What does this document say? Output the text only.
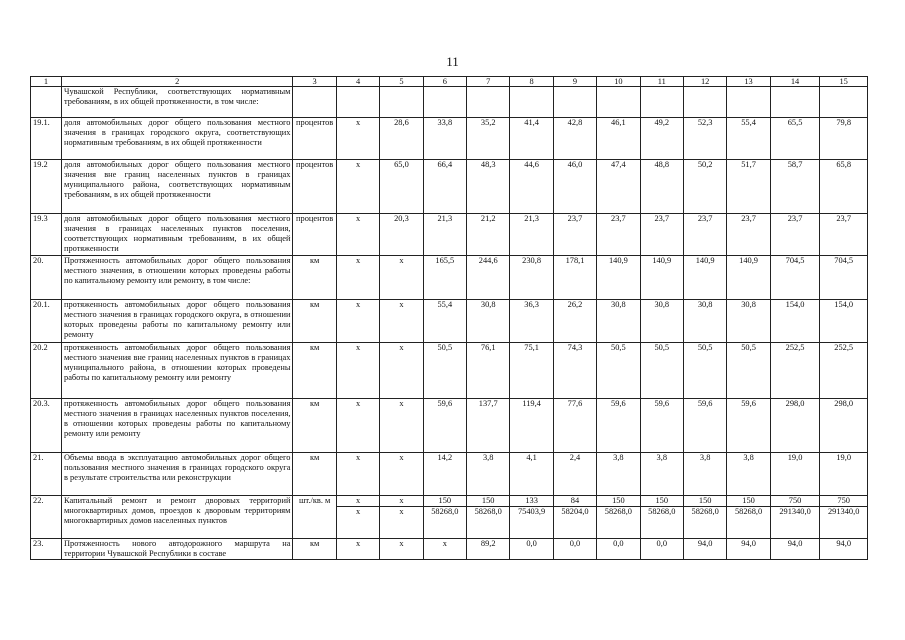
11
1	2	3	4	5	6	7	8	9	10	11	12	13	14	15
	Чувашской Республики, соответствующих нормативным требованиям, в их общей протяженности, в том числе:													
19.1.	доля автомобильных дорог общего пользования местного значения в границах городского округа, соответствующих нормативным требованиям, в их общей протяженности	процентов	x	28,6	33,8	35,2	41,4	42,8	46,1	49,2	52,3	55,4	65,5	79,8
19.2	доля автомобильных дорог общего пользования местного значения вне границ населенных пунктов в границах муниципального района, соответствующих нормативным требованиям, в их общей протяженности	процентов	x	65,0	66,4	48,3	44,6	46,0	47,4	48,8	50,2	51,7	58,7	65,8
19.3	доля автомобильных дорог общего пользования местного значения в границах населенных пунктов поселения, соответствующих нормативным требованиям, в их общей протяженности	процентов	x	20,3	21,3	21,2	21,3	23,7	23,7	23,7	23,7	23,7	23,7	23,7
20.	Протяженность автомобильных дорог общего пользования местного значения, в отношении которых проведены работы по капитальному ремонту или ремонту, в том числе:	км	x	x	165,5	244,6	230,8	178,1	140,9	140,9	140,9	140,9	704,5	704,5
20.1.	протяженность автомобильных дорог общего пользования местного значения в границах городского округа, в отношении которых проведены работы по капитальному ремонту или ремонту	км	x	x	55,4	30,8	36,3	26,2	30,8	30,8	30,8	30,8	154,0	154,0
20.2	протяженность автомобильных дорог общего пользования местного значения вне границ населенных пунктов в границах муниципального района, в отношении которых проведены работы по капитальному ремонту или ремонту	км	x	x	50,5	76,1	75,1	74,3	50,5	50,5	50,5	50,5	252,5	252,5
20.3.	протяженность автомобильных дорог общего пользования местного значения в границах населенных пунктов поселения, в отношении которых проведены работы по капитальному ремонту или ремонту	км	x	x	59,6	137,7	119,4	77,6	59,6	59,6	59,6	59,6	298,0	298,0
21.	Объемы ввода в эксплуатацию автомобильных дорог общего пользования местного значения в границах городского округа в результате строительства или реконструкции	км	x	x	14,2	3,8	4,1	2,4	3,8	3,8	3,8	3,8	19,0	19,0
22.	Капитальный ремонт и ремонт дворовых территорий многоквартирных домов, проездов к дворовым территориям многоквартирных домов населенных пунктов	шт./кв. м	x	x	150	150	133	84	150	150	150	150	750	750
			x	x	58268,0	58268,0	75403,9	58204,0	58268,0	58268,0	58268,0	58268,0	291340,0	291340,0
23.	Протяженность нового автодорожного маршрута на территории Чувашской Республики в составе	км	x	x	x	89,2	0,0	0,0	0,0	0,0	94,0	94,0	94,0	94,0
